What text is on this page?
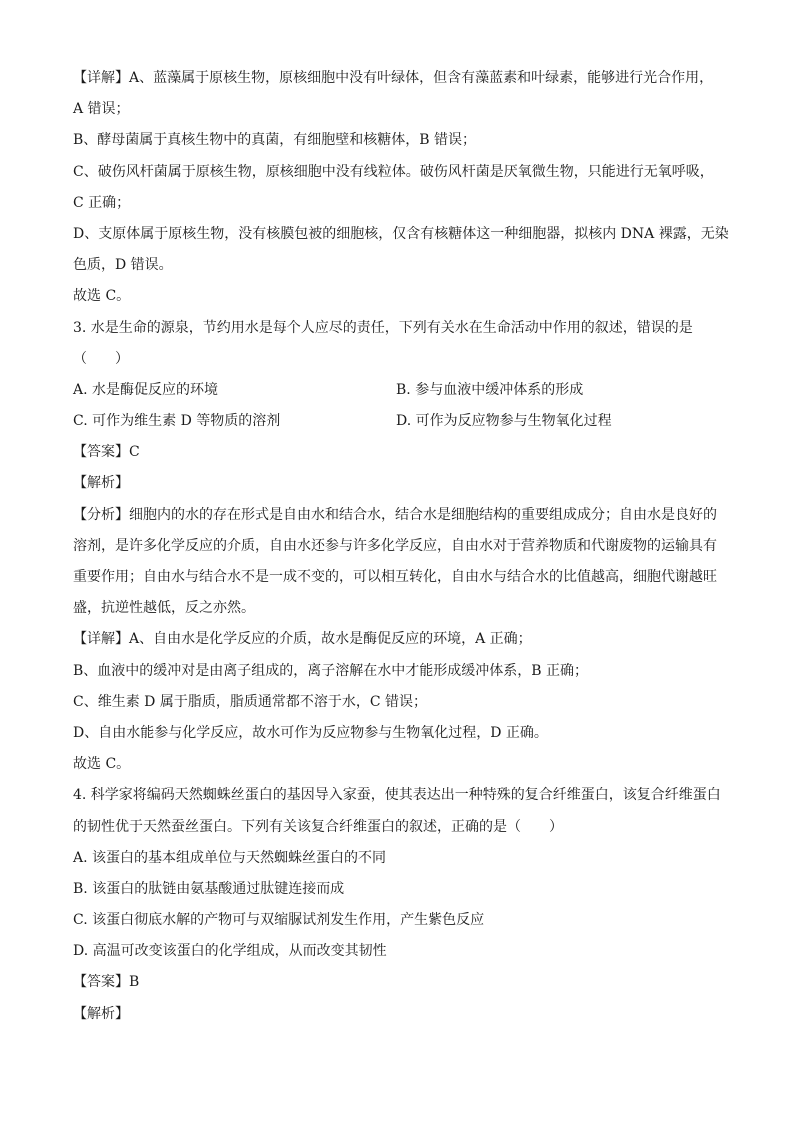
【详解】A、蓝藻属于原核生物，原核细胞中没有叶绿体，但含有藻蓝素和叶绿素，能够进行光合作用，
A 错误；
B、酵母菌属于真核生物中的真菌，有细胞壁和核糖体，B 错误；
C、破伤风杆菌属于原核生物，原核细胞中没有线粒体。破伤风杆菌是厌氧微生物，只能进行无氧呼吸，
C 正确；
D、支原体属于原核生物，没有核膜包被的细胞核，仅含有核糖体这一种细胞器，拟核内 DNA 裸露，无染
色质，D 错误。
故选 C。
3. 水是生命的源泉，节约用水是每个人应尽的责任，下列有关水在生命活动中作用的叙述，错误的是
（　　）
A. 水是酶促反应的环境	B. 参与血液中缓冲体系的形成
C. 可作为维生素 D 等物质的溶剂	D. 可作为反应物参与生物氧化过程
【答案】C
【解析】
【分析】细胞内的水的存在形式是自由水和结合水，结合水是细胞结构的重要组成成分；自由水是良好的
溶剂，是许多化学反应的介质，自由水还参与许多化学反应，自由水对于营养物质和代谢废物的运输具有
重要作用；自由水与结合水不是一成不变的，可以相互转化，自由水与结合水的比值越高，细胞代谢越旺
盛，抗逆性越低，反之亦然。
【详解】A、自由水是化学反应的介质，故水是酶促反应的环境，A 正确；
B、血液中的缓冲对是由离子组成的，离子溶解在水中才能形成缓冲体系，B 正确；
C、维生素 D 属于脂质，脂质通常都不溶于水，C 错误；
D、自由水能参与化学反应，故水可作为反应物参与生物氧化过程，D 正确。
故选 C。
4. 科学家将编码天然蜘蛛丝蛋白的基因导入家蚕，使其表达出一种特殊的复合纤维蛋白，该复合纤维蛋白
的韧性优于天然蚕丝蛋白。下列有关该复合纤维蛋白的叙述，正确的是（　　）
A. 该蛋白的基本组成单位与天然蜘蛛丝蛋白的不同
B. 该蛋白的肽链由氨基酸通过肽键连接而成
C. 该蛋白彻底水解的产物可与双缩脲试剂发生作用，产生紫色反应
D. 高温可改变该蛋白的化学组成，从而改变其韧性
【答案】B
【解析】
